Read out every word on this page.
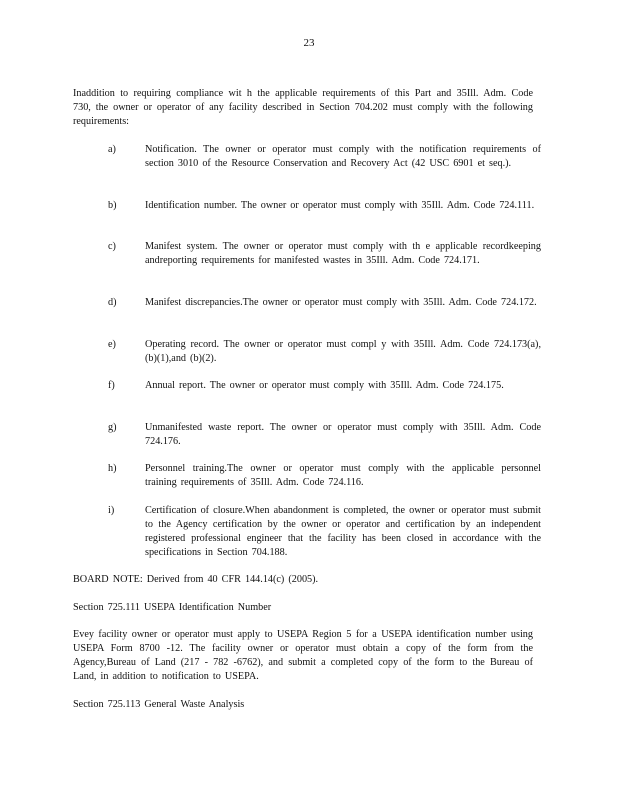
23
Inaddition to requiring compliance wit h the applicable requirements of this Part and 35Ill. Adm. Code 730, the owner or operator of any facility described in Section 704.202 must comply with the following requirements:
a)	Notification. The owner or operator must comply with the notification requirements of section 3010 of the Resource Conservation and Recovery Act (42 USC 6901 et seq.).
b)	Identification number. The owner or operator must comply with 35Ill. Adm. Code 724.111.
c)	Manifest system. The owner or operator must comply with th e applicable recordkeeping andreporting requirements for manifested wastes in 35Ill. Adm. Code 724.171.
d)	Manifest discrepancies.The owner or operator must comply with 35Ill. Adm. Code 724.172.
e)	Operating record. The owner or operator must compl y with 35Ill. Adm. Code 724.173(a), (b)(1),and (b)(2).
f)	Annual report. The owner or operator must comply with 35Ill. Adm. Code 724.175.
g)	Unmanifested waste report. The owner or operator must comply with 35Ill. Adm. Code 724.176.
h)	Personnel training.The owner or operator must comply with the applicable personnel training requirements of 35Ill. Adm. Code 724.116.
i)	Certification of closure.When abandonment is completed, the owner or operator must submit to the Agency certification by the owner or operator and certification by an independent registered professional engineer that the facility has been closed in accordance with the specifications in Section 704.188.
BOARD NOTE: Derived from 40 CFR 144.14(c) (2005).
Section 725.111 USEPA Identification Number
Evey facility owner or operator must apply to USEPA Region 5 for a USEPA identification number using USEPA Form 8700 -12. The facility owner or operator must obtain a copy of the form from the Agency,Bureau of Land (217 - 782 -6762), and submit a completed copy of the form to the Bureau of Land, in addition to notification to USEPA.
Section 725.113 General Waste Analysis
